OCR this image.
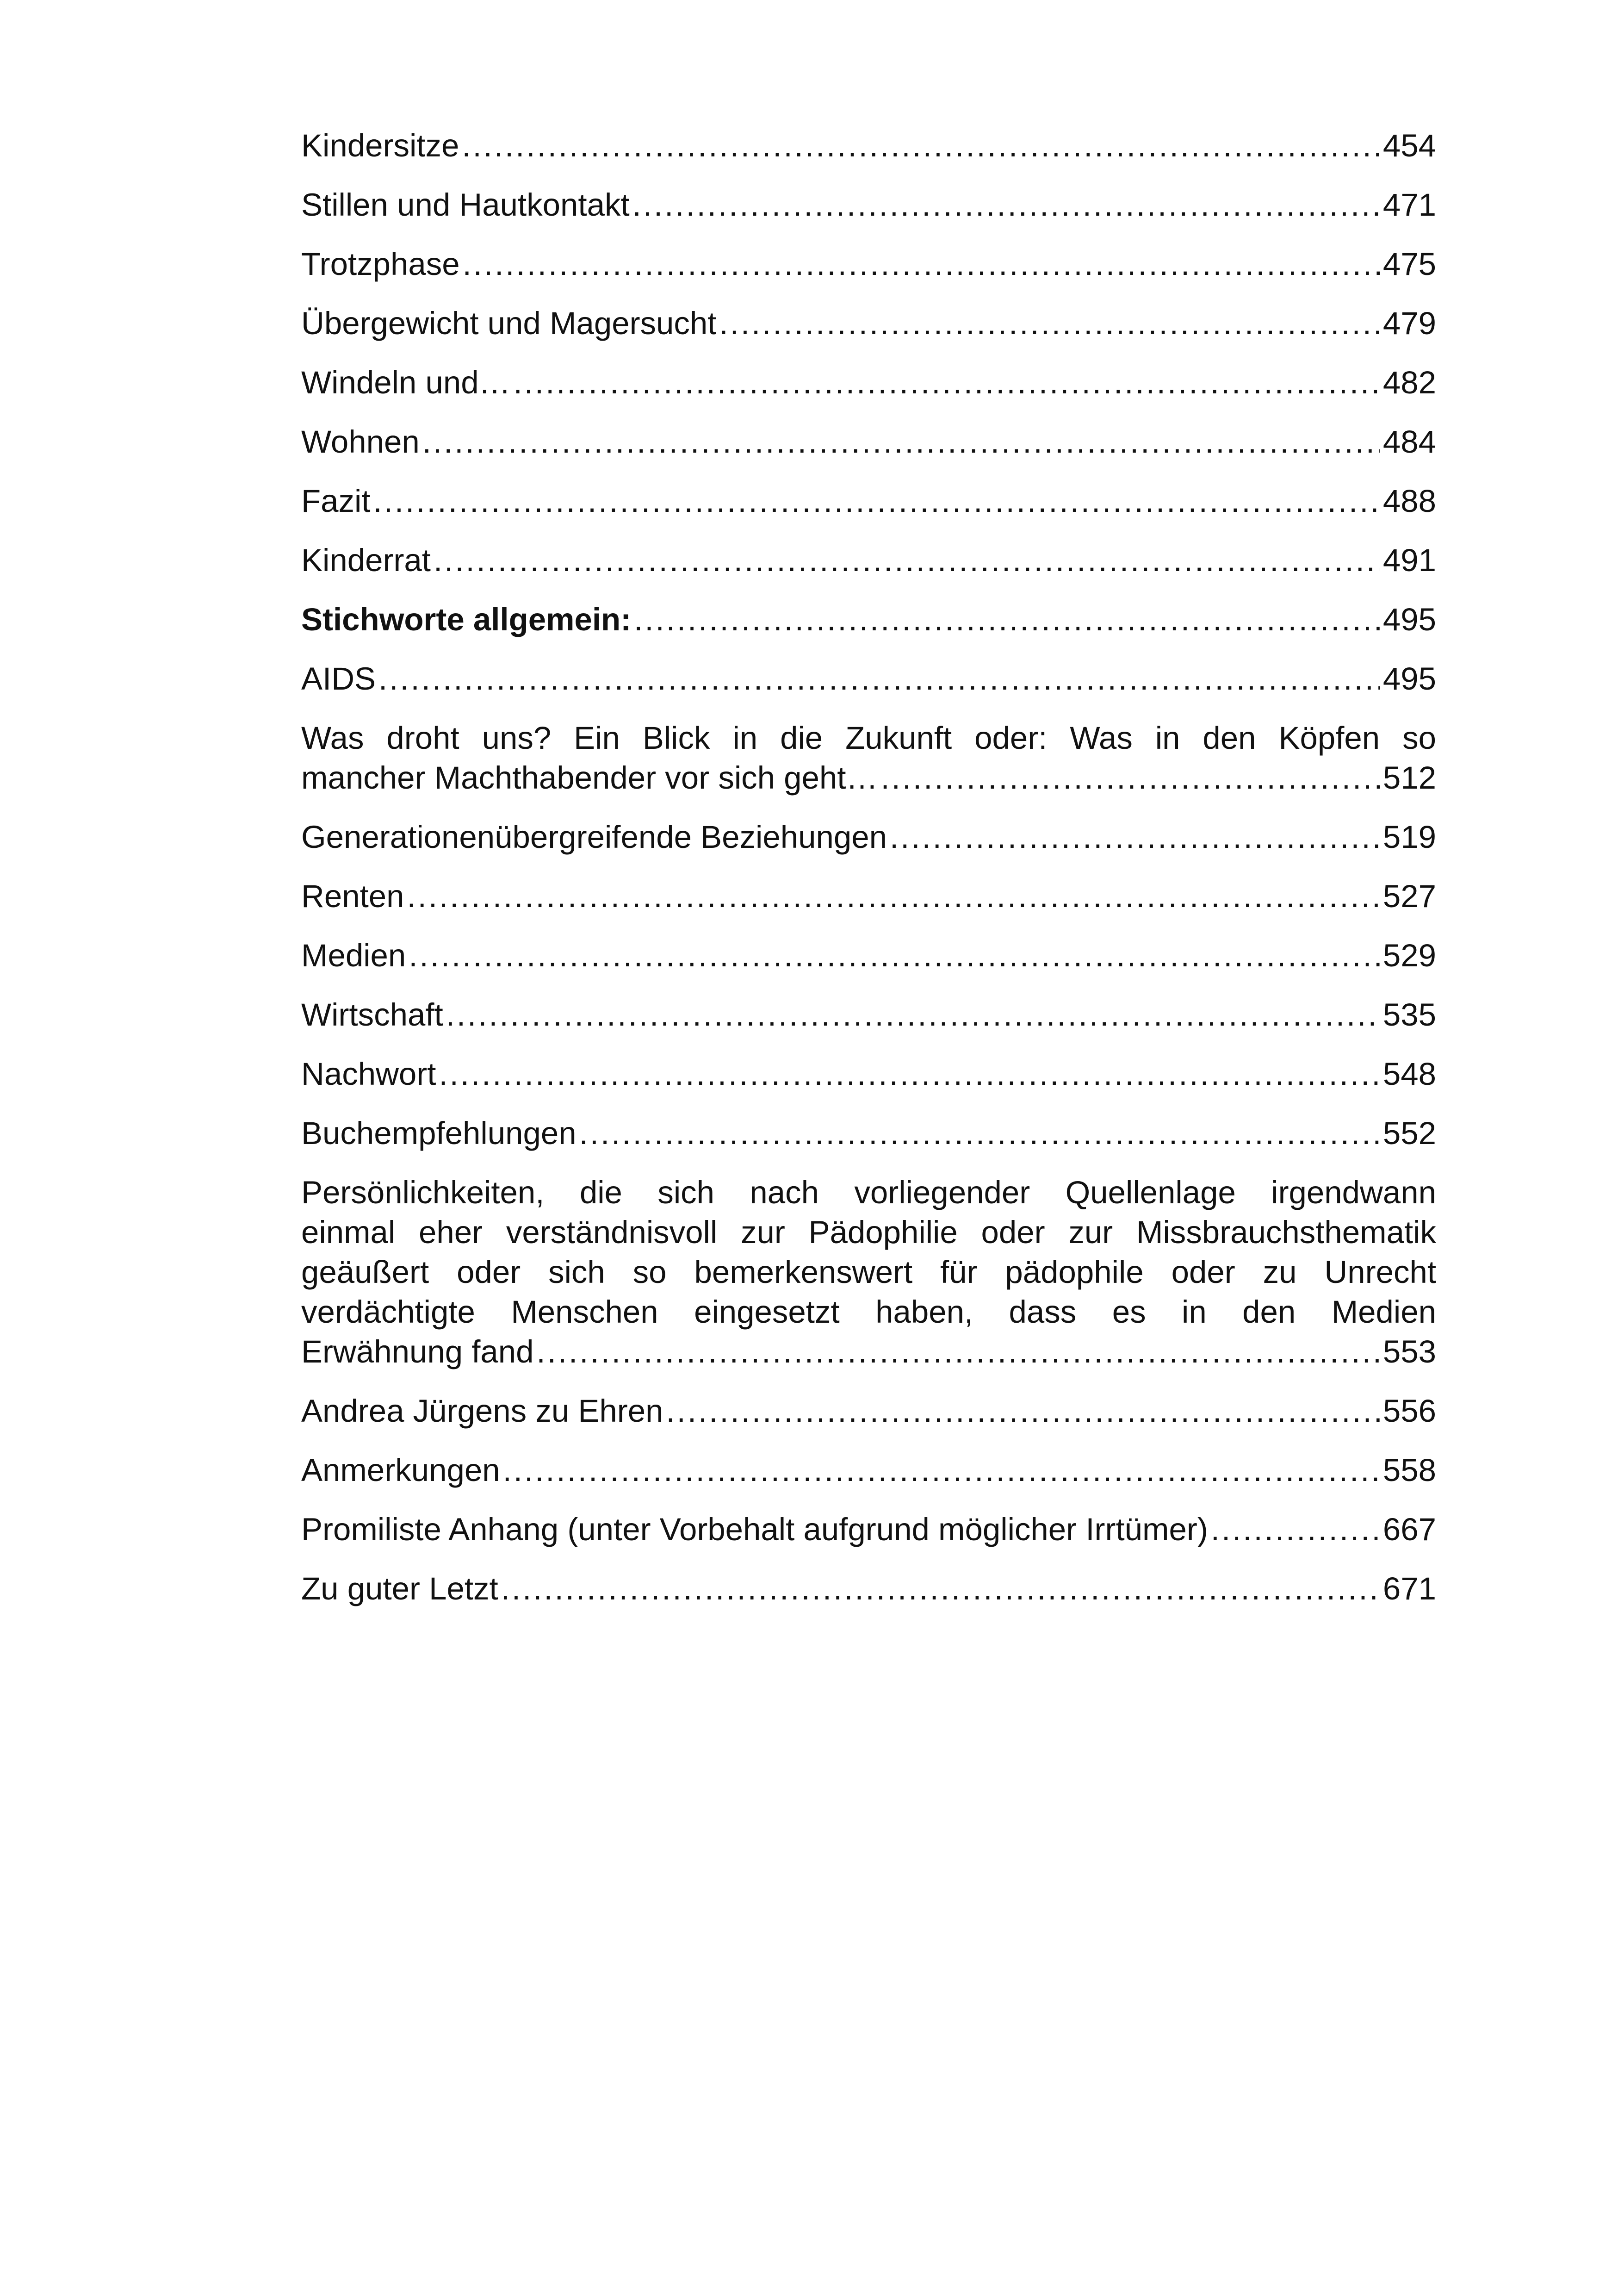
Kindersitze .....	454
Stillen und Hautkontakt .....	471
Trotzphase .....	475
Übergewicht und Magersucht .....	479
Windeln und… .....	482
Wohnen .....	484
Fazit .....	488
Kinderrat .....	491
Stichworte allgemein: .....	495
AIDS .....	495
Was droht uns? Ein Blick in die Zukunft oder: Was in den Köpfen so
mancher Machthabender vor sich geht… .....	512
Generationenübergreifende Beziehungen .....	519
Renten .....	527
Medien .....	529
Wirtschaft .....	535
Nachwort .....	548
Buchempfehlungen .....	552
Persönlichkeiten, die sich nach vorliegender Quellenlage irgendwann
einmal eher verständnisvoll zur Pädophilie oder zur Missbrauchsthematik
geäußert oder sich so bemerkenswert für pädophile oder zu Unrecht
verdächtigte Menschen eingesetzt haben, dass es in den Medien
Erwähnung fand .....	553
Andrea Jürgens zu Ehren .....	556
Anmerkungen .....	558
Promiliste Anhang (unter Vorbehalt aufgrund möglicher Irrtümer) .....	667
Zu guter Letzt .....	671
